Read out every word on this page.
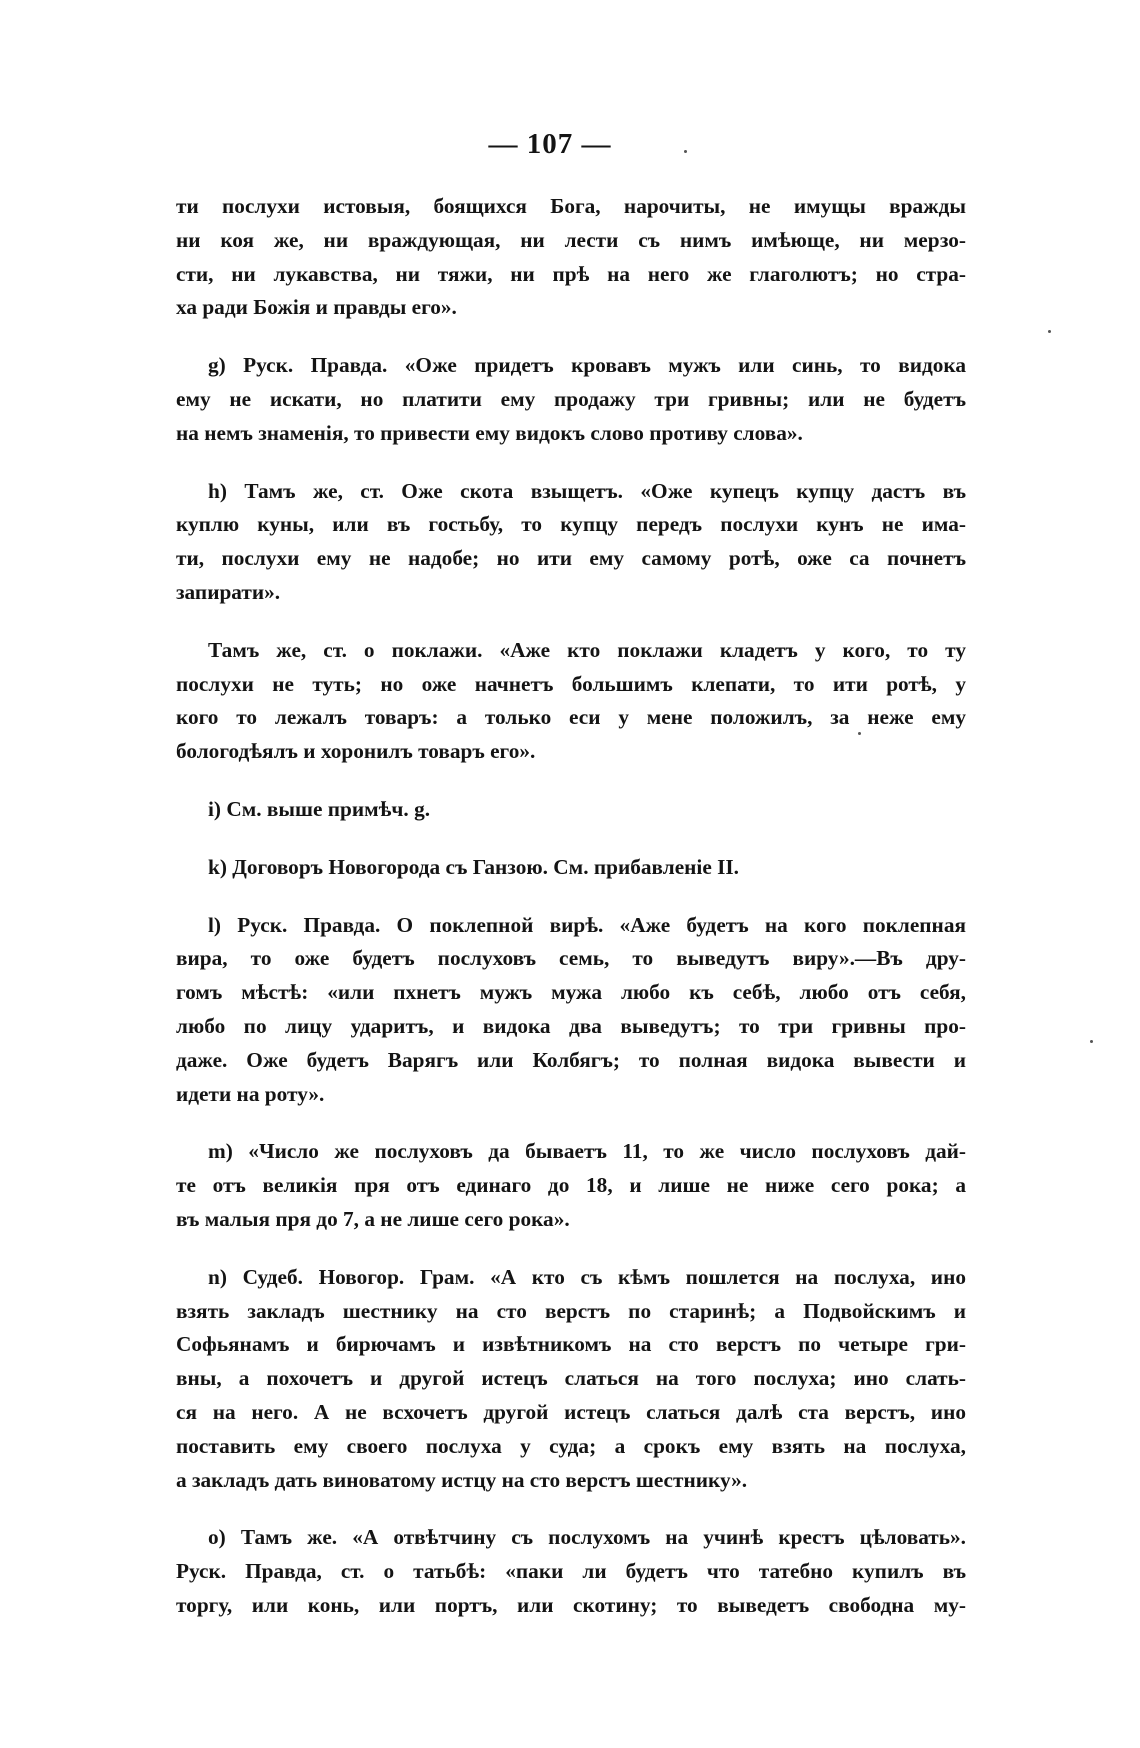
— 107 —
ти послухи истовыя, боящихся Бога, нарочиты, не имущы вражды
ни коя же, ни враждующая, ни лести съ нимъ имѣюще, ни мерзо-
сти, ни лукавства, ни тяжи, ни прѣ на него же глаголютъ; но стра-
ха ради Божія и правды его».
g) Руск. Правда. «Оже придетъ кровавъ мужъ или синь, то видока
ему не искати, но платити ему продажу три гривны; или не будетъ
на немъ знаменія, то привести ему видокъ слово противу слова».
h) Тамъ же, ст. Оже скота взыщетъ. «Оже купецъ купцу дастъ въ
куплю куны, или въ гостьбу, то купцу передъ послухи кунъ не има-
ти, послухи ему не надобе; но ити ему самому ротѣ, оже са почнетъ
запирати».
Тамъ же, ст. о поклажи. «Аже кто поклажи кладетъ у кого, то ту
послухи не туть; но оже начнетъ большимъ клепати, то ити ротѣ, у
кого то лежалъ товаръ: а только еси у мене положилъ, за неже ему
бологодѣялъ и хоронилъ товаръ его».
i) См. выше примѣч. g.
k) Договоръ Новогорода съ Ганзою. См. прибавленіе II.
l) Руск. Правда. О поклепной вирѣ. «Аже будетъ на кого поклепная
вира, то оже будетъ послуховъ семь, то выведутъ виру».—Въ дру-
гомъ мѣстѣ: «или пхнетъ мужъ мужа любо къ себѣ, любо отъ себя,
любо по лицу ударитъ, и видока два выведутъ; то три гривны про-
даже. Оже будетъ Варягъ или Колбягъ; то полная видока вывести и
идети на роту».
m) «Число же послуховъ да бываетъ 11, то же число послуховъ дай-
те отъ великія пря отъ единаго до 18, и лише не ниже сего рока; а
въ малыя пря до 7, а не лише сего рока».
n) Судеб. Новогор. Грам. «А кто съ кѣмъ пошлется на послуха, ино
взять закладъ шестнику на сто верстъ по старинѣ; а Подвойскимъ и
Софьянамъ и бирючамъ и извѣтникомъ на сто верстъ по четыре гри-
вны, а похочетъ и другой истецъ слаться на того послуха; ино слать-
ся на него. А не всхочетъ другой истецъ слаться далѣ ста верстъ, ино
поставить ему своего послуха у суда; а срокъ ему взять на послуха,
а закладъ дать виноватому истцу на сто верстъ шестнику».
o) Тамъ же. «А отвѣтчину съ послухомъ на учинѣ крестъ цѣловать».
Руск. Правда, ст. о татьбѣ: «паки ли будетъ что татебно купилъ въ
торгу, или конь, или портъ, или скотину; то выведетъ свободна му-
